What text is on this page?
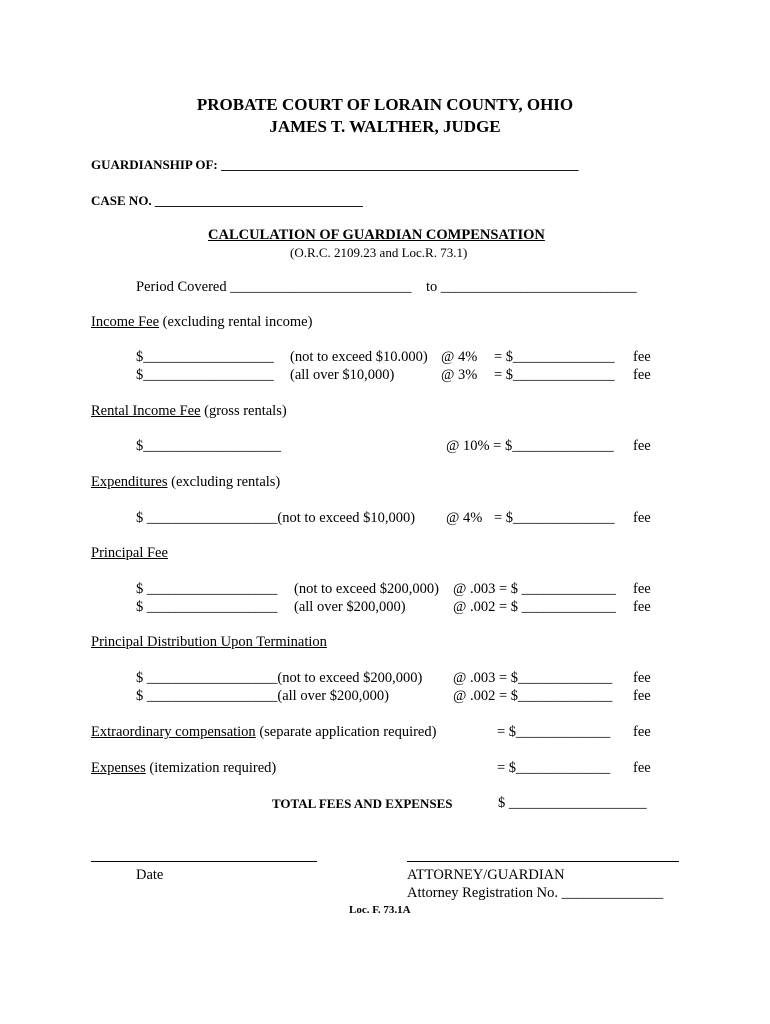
PROBATE COURT OF LORAIN COUNTY, OHIO
JAMES T. WALTHER, JUDGE
GUARDIANSHIP OF: _______________________________________________________
CASE NO. ________________________________
CALCULATION OF GUARDIAN COMPENSATION
(O.R.C. 2109.23 and Loc.R. 73.1)
Period Covered _________________________ to ___________________________
Income Fee (excluding rental income)
$__________________ (not to exceed $10.000) @ 4% = $______________ fee
$__________________ (all over $10,000)	@ 3% = $______________ fee
Rental Income Fee (gross rentals)
$___________________	@ 10% = $______________ fee
Expenditures (excluding rentals)
$ __________________(not to exceed $10,000) @ 4% = $______________ fee
Principal Fee
$ __________________ (not to exceed $200,000) @ .003 = $ _____________ fee
$ __________________ (all over $200,000)	@ .002 = $ _____________ fee
Principal Distribution Upon Termination
$ __________________(not to exceed $200,000) @ .003 = $_____________ fee
$ __________________(all over $200,000)	@ .002 = $_____________ fee
Extraordinary compensation (separate application required)	= $_____________ fee
Expenses (itemization required)	= $_____________ fee
TOTAL FEES AND EXPENSES	$ ___________________
Date	ATTORNEY/GUARDIAN
Attorney Registration No. ______________
Loc. F. 73.1A
